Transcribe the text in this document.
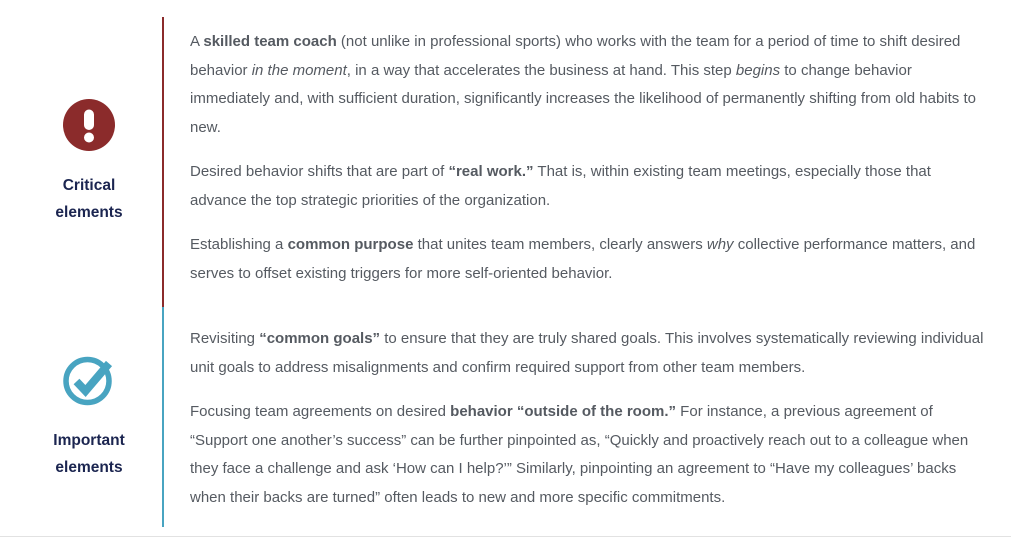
Critical elements

A skilled team coach (not unlike in professional sports) who works with the team for a period of time to shift desired behavior in the moment, in a way that accelerates the business at hand. This step begins to change behavior immediately and, with sufficient duration, significantly increases the likelihood of permanently shifting from old habits to new.

Desired behavior shifts that are part of “real work.” That is, within existing team meetings, especially those that advance the top strategic priorities of the organization.

Establishing a common purpose that unites team members, clearly answers why collective performance matters, and serves to offset existing triggers for more self-oriented behavior.

Important elements

Revisiting “common goals” to ensure that they are truly shared goals. This involves systematically reviewing individual unit goals to address misalignments and confirm required support from other team members.

Focusing team agreements on desired behavior “outside of the room.” For instance, a previous agreement of “Support one another’s success” can be further pinpointed as, “Quickly and proactively reach out to a colleague when they face a challenge and ask ‘How can I help?’” Similarly, pinpointing an agreement to “Have my colleagues’ backs when their backs are turned” often leads to new and more specific commitments.
